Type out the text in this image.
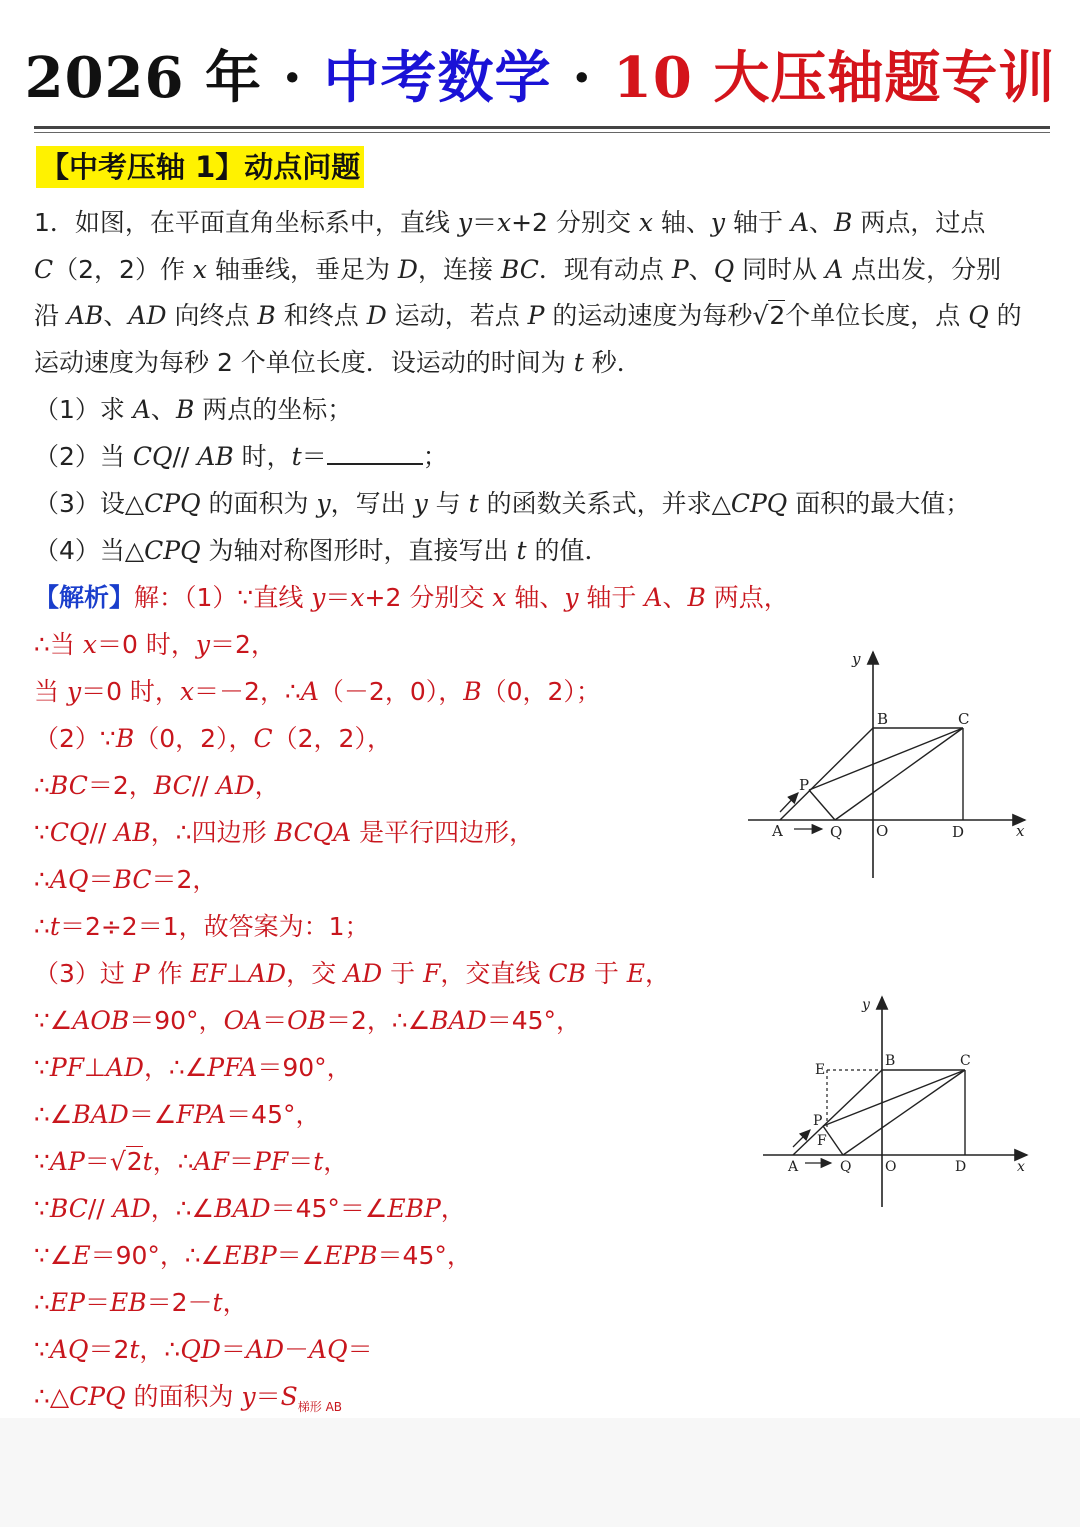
2026 年 · 中考数学 · 10 大压轴题专训
【中考压轴 1】动点问题
1．如图，在平面直角坐标系中，直线 y＝x+2 分别交 x 轴、y 轴于 A、B 两点，过点
C（2，2）作 x 轴垂线，垂足为 D，连接 BC．现有动点 P、Q 同时从 A 点出发，分别
沿 AB、AD 向终点 B 和终点 D 运动，若点 P 的运动速度为每秒√2个单位长度，点 Q 的
运动速度为每秒 2 个单位长度．设运动的时间为 t 秒．
（1）求 A、B 两点的坐标；
（2）当 CQ// AB 时，t＝	；
（3）设△CPQ 的面积为 y，写出 y 与 t 的函数关系式，并求△CPQ 面积的最大值；
（4）当△CPQ 为轴对称图形时，直接写出 t 的值．
【解析】解：（1）∵直线 y＝x+2 分别交 x 轴、y 轴于 A、B 两点，
∴当 x＝0 时，y＝2，
当 y＝0 时，x＝－2，∴A（－2，0），B（0，2）；
（2）∵B（0，2），C（2，2），
∴BC＝2，BC// AD，
∵CQ// AB，∴四边形 BCQA 是平行四边形，
∴AQ＝BC＝2，
∴t＝2÷2＝1，故答案为：1；
（3）过 P 作 EF⊥AD，交 AD 于 F，交直线 CB 于 E，
∵∠AOB＝90°，OA＝OB＝2，∴∠BAD＝45°，
∵PF⊥AD，∴∠PFA＝90°，
∴∠BAD＝∠FPA＝45°，
∵AP＝√2t，∴AF＝PF＝t，
∵BC// AD，∴∠BAD＝45°＝∠EBP，
∵∠E＝90°，∴∠EBP＝∠EPB＝45°，
∴EP＝EB＝2－t，
∵AQ＝2t，∴QD＝AD－AQ＝
∴△CPQ 的面积为 $y=S_{梯形 AB}$
y
x
B	C
P
A	Q O	D
y
x
E
B	C
P
F
A	Q O	D
